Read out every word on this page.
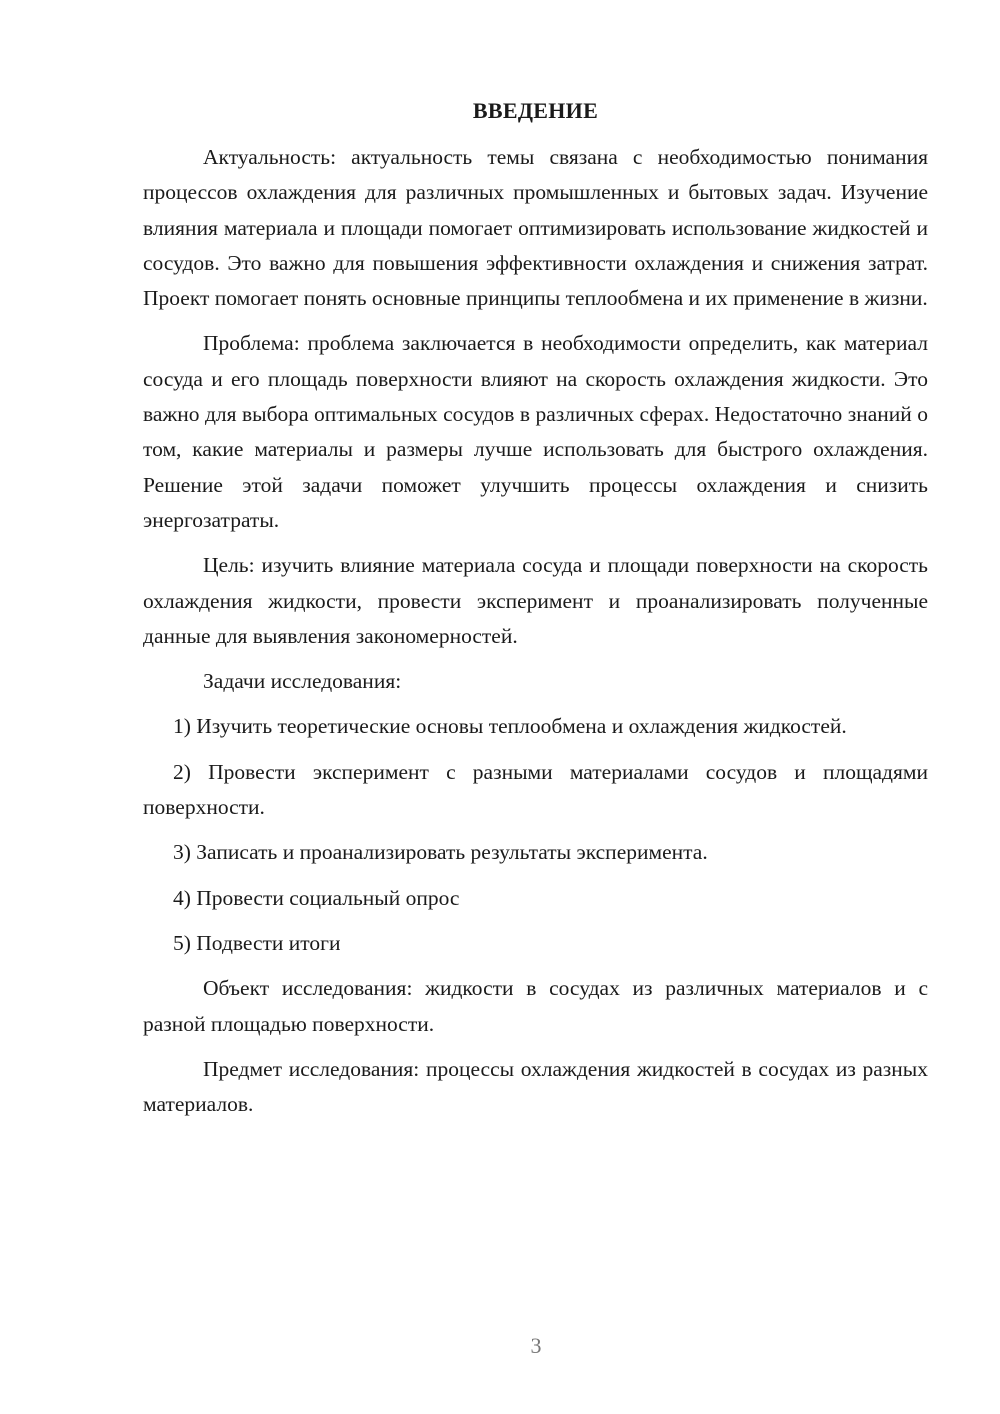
ВВЕДЕНИЕ

Актуальность: актуальность темы связана с необходимостью понимания процессов охлаждения для различных промышленных и бытовых задач. Изучение влияния материала и площади помогает оптимизировать использование жидкостей и сосудов. Это важно для повышения эффективности охлаждения и снижения затрат. Проект помогает понять основные принципы теплообмена и их применение в жизни.

Проблема: проблема заключается в необходимости определить, как материал сосуда и его площадь поверхности влияют на скорость охлаждения жидкости. Это важно для выбора оптимальных сосудов в различных сферах. Недостаточно знаний о том, какие материалы и размеры лучше использовать для быстрого охлаждения. Решение этой задачи поможет улучшить процессы охлаждения и снизить энергозатраты.

Цель: изучить влияние материала сосуда и площади поверхности на скорость охлаждения жидкости, провести эксперимент и проанализировать полученные данные для выявления закономерностей.

Задачи исследования:

1) Изучить теоретические основы теплообмена и охлаждения жидкостей.

2) Провести эксперимент с разными материалами сосудов и площадями поверхности.

3) Записать и проанализировать результаты эксперимента.

4) Провести социальный опрос

5) Подвести итоги

Объект исследования: жидкости в сосудах из различных материалов и с разной площадью поверхности.

Предмет исследования: процессы охлаждения жидкостей в сосудах из разных материалов.

3
